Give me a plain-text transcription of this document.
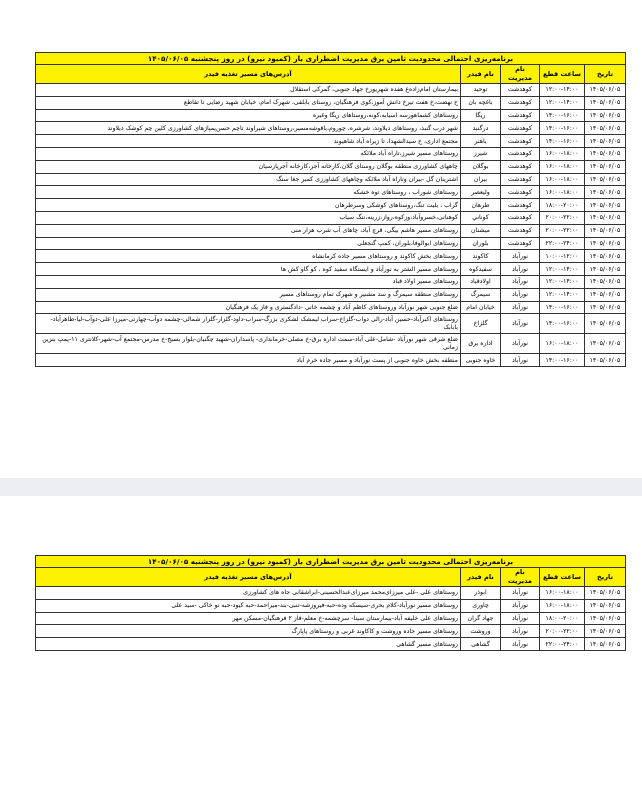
برنامه‌ریزی احتمالی محدودیت تامین برق مدیریت اضطراری بار (کمبود نیرو) در روز پنجشنبه ۱۴۰۵/۰۶/۰۵				
تاریخ	ساعت قطع	نام مدیریت	نام فیدر	آدرس‌های مسیر تغذیه فیدر
۱۴۰۵/۰۶/۰۵	۱۲:۰۰-۱۴:۰۰	کوهدشت	توحید	بیمارستان امام‌زاده‌ع هفده شهریورخ جهاد جنوبی، گمرکی استقلال
۱۴۰۵/۰۶/۰۵	۱۲:۰۰-۱۴:۰۰	کوهدشت	باغچه بان	خ نهضت،خ هفت تیرخ دانش آموز،کوی فرهنگیان، روستای بابلقی، شهرک امام، خیابان شهید رضایی تا تقاطع
۱۴۰۵/۰۶/۰۵	۱۴:۰۰-۱۶:۰۰	کوهدشت	ریگا	روستاهای کشماهورسه اسیابه،کونه،روستاهای ریگا وغیره
۱۴۰۵/۰۶/۰۵	۱۴:۰۰-۱۶:۰۰	کوهدشت	درگنبد	شهر درب گنبد، روستاهای دیلاوند، شرشره، چوروم،باقوشه‌مسیر،روستاهای شیراوند تاچم حسن‌پمپاژهای کشاورزی کلین چم کوشک دیلاوند
۱۴۰۵/۰۶/۰۵	۱۴:۰۰-۱۶:۰۰	کوهدشت	باهنر	مجتمع ادارى، خ سيدالشهدا، تا زيراه آباد شاهيوند
۱۴۰۵/۰۶/۰۵	۱۶:۰۰-۱۸:۰۰	کوهدشت	شيرز	روستاهاى مسير شيرز،تاراه آباد ملائكه
۱۴۰۵/۰۶/۰۵	۱۶:۰۰-۱۸:۰۰	کوهدشت	بوگلان	چاههاى كشاورزى منطقه بوگلان روستاى گلان،كارخانه آجر،كارخانه آجرپارسيان
۱۴۰۵/۰۶/۰۵	۱۶:۰۰-۱۸:۰۰	کوهدشت	بيران	اشترينان گل -بيران وتاراه آباد ملائكه وچاههاى كشاورزى كمبر جغا سنگ
۱۴۰۵/۰۶/۰۵	۱۶:۰۰-۱۸:۰۰	کوهدشت	ولیعصر	روستاهاى شوراب ، روستاهاى توه خشكه
۱۴۰۵/۰۶/۰۵	۱۸:۰۰-۲۰:۰۰	کوهدشت	طرهان	گراب ، بلیت تنگ،روستاهای کوشکی وسرطرهان
۱۴۰۵/۰۶/۰۵	۲۰:۰۰-۲۲:۰۰	کوهدشت	کوناني	کوهنانی،خسروآباد،وزکوه،رواز،زرینه،تنگ سیاب
۱۴۰۵/۰۶/۰۵	۲۰:۰۰-۲۲:۰۰	کوهدشت	میشنان	روستاهای مسیر هاشم بیگی، قرچ آباد، چاهای آب شرب هزار منی
۱۴۰۵/۰۶/۰۵	۲۲:۰۰-۲۴:۰۰	کوهدشت	بلوران	روستاهای ابوالوفا،بلوران، کمپ گنجعلی
۱۴۰۵/۰۶/۰۵	۱۰:۰۰-۱۲:۰۰	نورآباد	کاکوند	روستاهای بخش کاکوند و روستاهای مسیر جاده کرمانشاه
۱۴۰۵/۰۶/۰۵	۱۲:۰۰-۱۴:۰۰	نورآباد	سفیدکوه	روستاهای مسیر الشتر به نورآباد و ایستگاه سفید کوه ، کو گاو کش ها
۱۴۰۵/۰۶/۰۵	۱۲:۰۰-۱۴:۰۰	نورآباد	اولادقباد	روستاهای مسیر اولاد قباد
۱۴۰۵/۰۶/۰۵	۱۲:۰۰-۱۴:۰۰	نورآباد	سیمرگ	روستاهای منطقه سیمرگ و سد مشنیر و شهرک تمام روستاهای مسیر
۱۴۰۵/۰۶/۰۵	۱۴:۰۰-۱۶:۰۰	نورآباد	خیابان امام	ضلع جنوبی شهر نورآباد وروستاهای کاظم آباد و چشمه خانی -دادگستری و فاز یک فرهنگیان
۱۴۰۵/۰۶/۰۵	۱۴:۰۰-۱۶:۰۰	نورآباد	گلزاخ	روستاهای اکبرآباد-حسین آباد-رالی دواب-گلزاخ-سراب لیمشک لشکری بزرگ-سراب-داود-گلزار-گلزار شمالی-چشمه دوآب-چهارتی-میرزا علی-دوآب-لیا-طاهرآباد-بابابک
۱۴۰۵/۰۶/۰۵	۱۶:۰۰-۱۸:۰۰	نورآباد	اداره برق	ضلع شرقی شهر نورآباد -شامل-علی آباد-سمت اداره برق-خ مصلی-خرمانداری- پاسداران-شهید چگنیان-بلوار بسیج-خ مدرس-مجتمع آب-شهر-کلانتری ۱۱-پمپ بنزین زمانی
۱۴۰۵/۰۶/۰۵	۱۴:۰۰-۱۶:۰۰	نورآباد	خاوه جنوبی	منطقه بخش خاوه جنوبی از پست نورآباد و مسیر جاده خرم آباد
برنامه‌ریزی احتمالی محدودیت تامین برق مدیریت اضطراری بار (کمبود نیرو) در روز پنجشنبه ۱۴۰۵/۰۶/۰۵				
تاریخ	ساعت قطع	نام مدیریت	نام فیدر	آدرس‌های مسیر تغذیه فیدر
۱۴۰۵/۰۶/۰۵	۱۶:۰۰-۱۸:۰۰	نورآباد	ابوذر	روستاهای علی -علی میرزای‌محمد میرزای‌عبدالحسینی-ابراشقانی جاه های کشاورزی
۱۴۰۵/۰۶/۰۵	۱۶:۰۰-۱۸:۰۰	نورآباد	چاوری	روستاهای مسیر نورآباد-کلام بحری-سیسکه وده-حبه-فیروزشه-تنبی-بند-میراحمد-حبه کیود-حبه نو خاکی -سید علی
۱۴۰۵/۰۶/۰۵	۱۸:۰۰-۲۰:۰۰	نورآباد	جهاد گران	روستاهای علی خلیفه آباد-بیمارستان سینا- سرچشمه-خ معلم-فاز ۲ فرهنگیان-مسکن مهر
۱۴۰۵/۰۶/۰۵	۲۰:۰۰-۲۲:۰۰	نورآباد	وروشت	روستاهای مسیر جاده وروشت و کاکاوند غربی و روستاهای پاپارگ
۱۴۰۵/۰۶/۰۵	۲۲:۰۰-۲۴:۰۰	نورآباد	گشاهی	روستاهای مسیر گشاهی
